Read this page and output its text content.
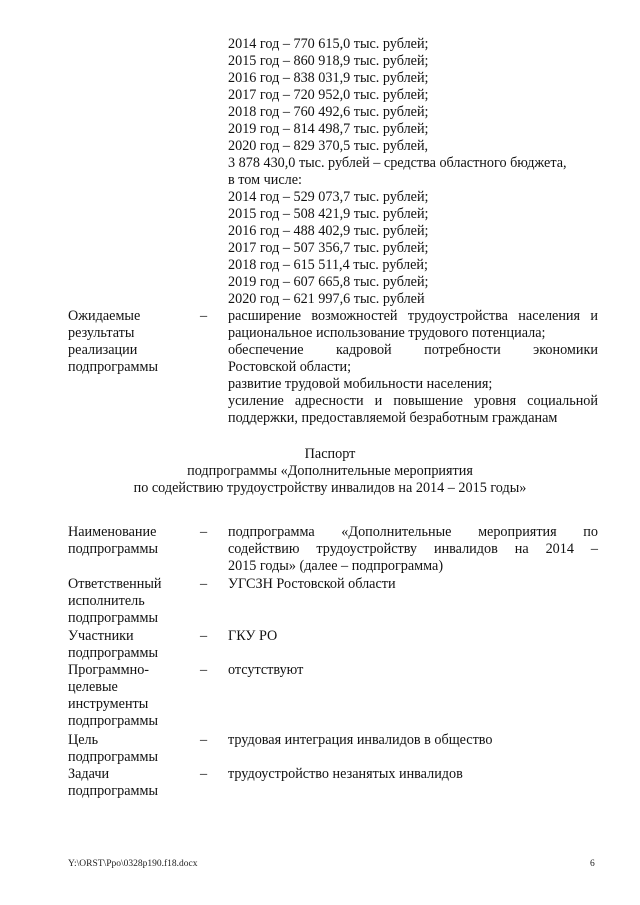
2014 год – 770 615,0 тыс. рублей;
2015 год – 860 918,9 тыс. рублей;
2016 год – 838 031,9 тыс. рублей;
2017 год – 720 952,0 тыс. рублей;
2018 год – 760 492,6 тыс. рублей;
2019 год – 814 498,7 тыс. рублей;
2020 год – 829 370,5 тыс. рублей,
3 878 430,0 тыс. рублей – средства областного бюджета,
в том числе:
2014 год – 529 073,7 тыс. рублей;
2015 год – 508 421,9 тыс. рублей;
2016 год – 488 402,9 тыс. рублей;
2017 год – 507 356,7 тыс. рублей;
2018 год – 615 511,4 тыс. рублей;
2019 год – 607 665,8 тыс. рублей;
2020 год – 621 997,6 тыс. рублей
Ожидаемые
результаты
реализации
подпрограммы
– расширение возможностей трудоустройства населения и
рациональное использование трудового потенциала;
обеспечение кадровой потребности экономики
Ростовской области;
развитие трудовой мобильности населения;
усиление адресности и повышение уровня социальной
поддержки, предоставляемой безработным гражданам
Паспорт
подпрограммы «Дополнительные мероприятия
по содействию трудоустройству инвалидов на 2014 – 2015 годы»
Наименование
подпрограммы
– подпрограмма «Дополнительные мероприятия по
содействию трудоустройству инвалидов на 2014 –
2015 годы» (далее – подпрограмма)
Ответственный
исполнитель
подпрограммы
– УГСЗН Ростовской области
Участники
подпрограммы
– ГКУ РО
Программно-
целевые
инструменты
подпрограммы
– отсутствуют
Цель
подпрограммы
– трудовая интеграция инвалидов в общество
Задачи
подпрограммы
– трудоустройство незанятых инвалидов
Y:\ORST\Ppo\0328p190.f18.docx	6
